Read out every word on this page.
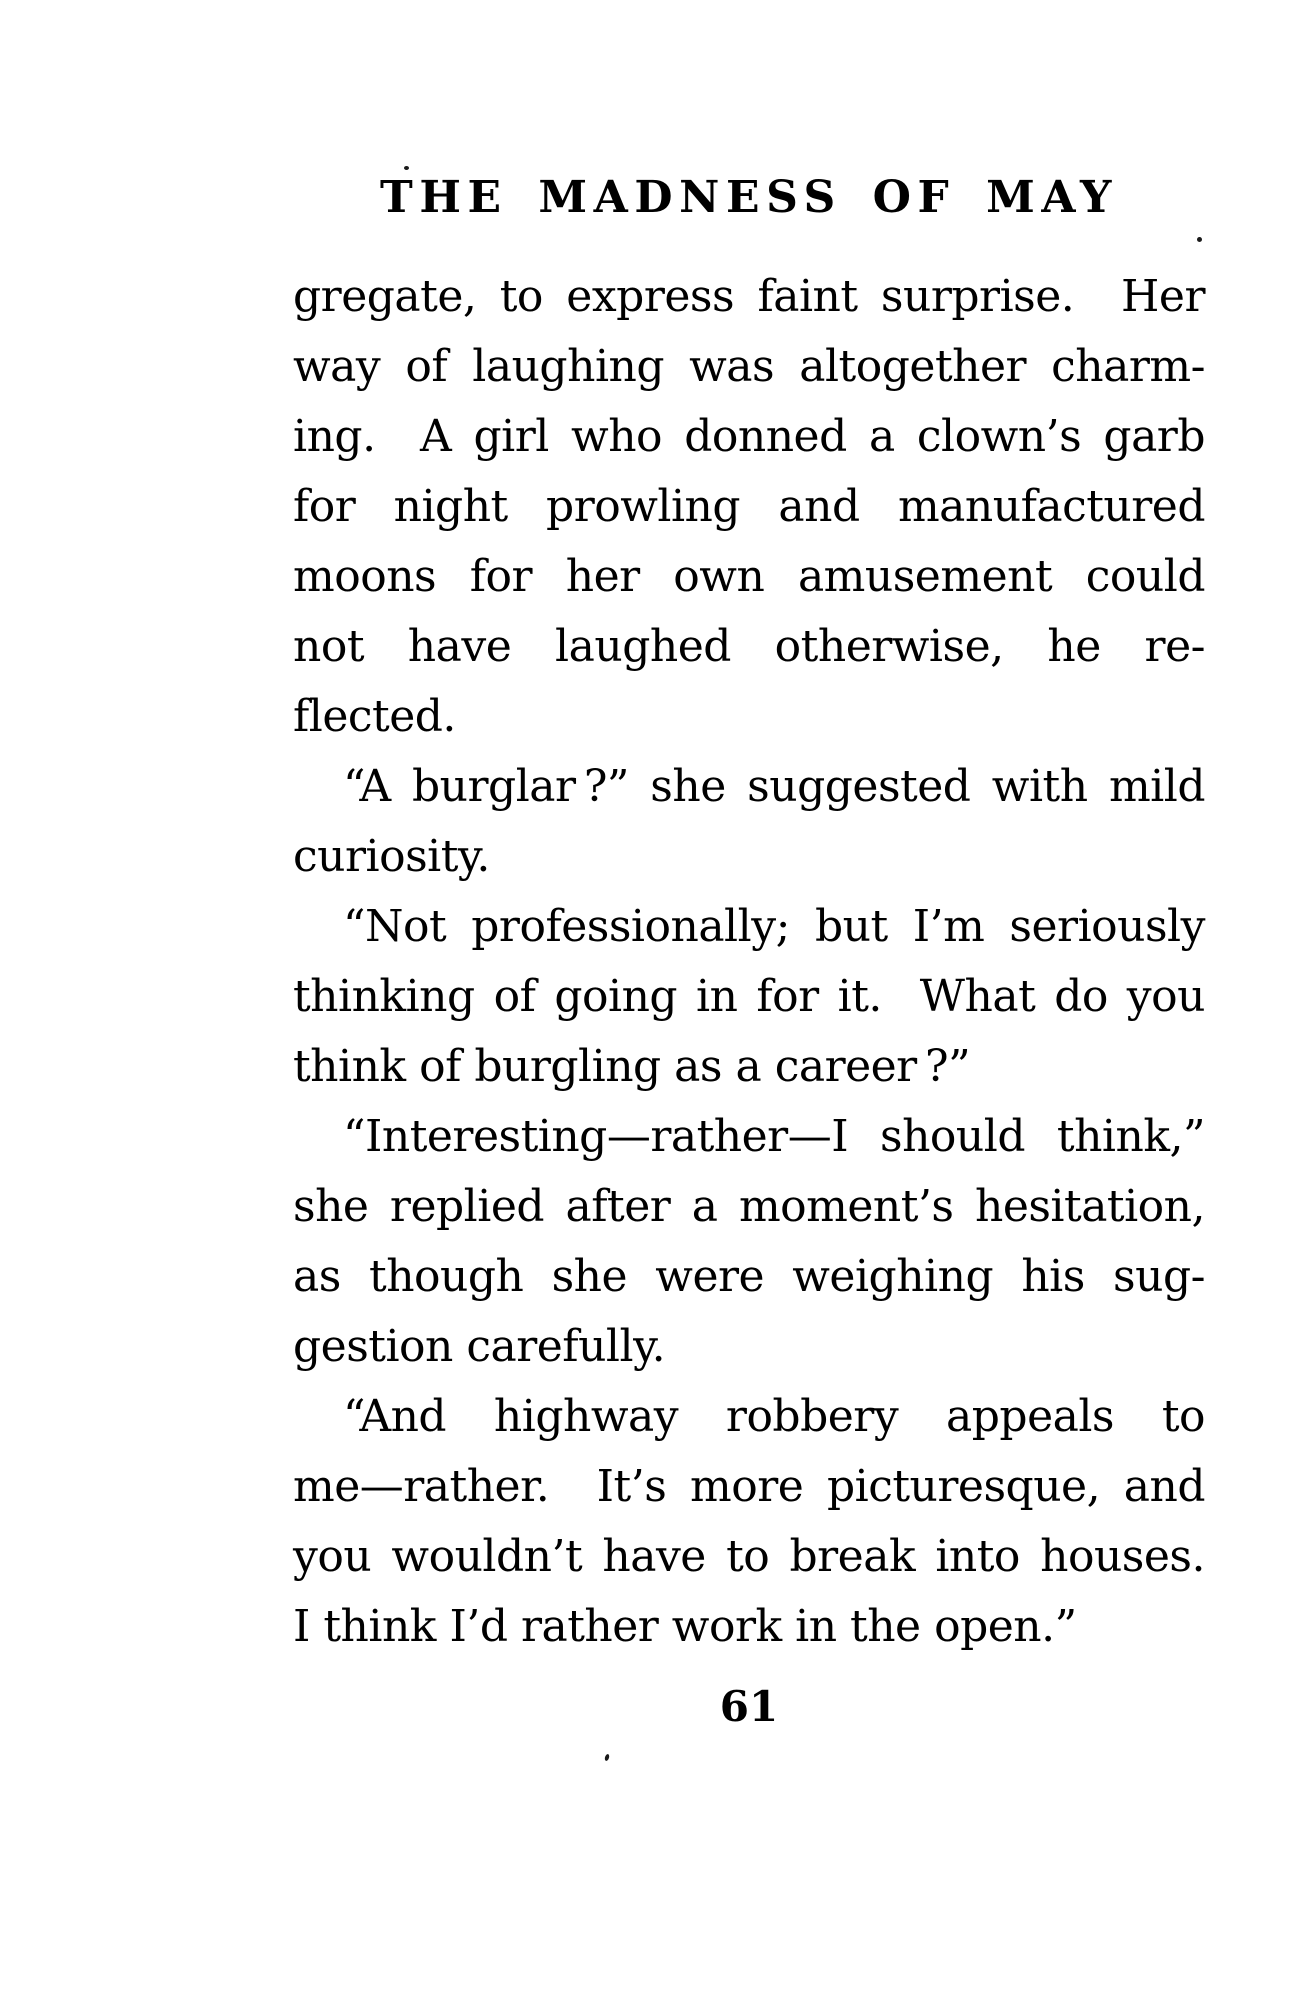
THE MADNESS OF MAY
gregate, to express faint surprise.  Her
way of laughing was altogether charm-
ing.  A girl who donned a clown’s garb
for night prowling and manufactured
moons for her own amusement could
not have laughed otherwise, he re-
flected.
“A burglar ?” she suggested with mild
curiosity.
“Not professionally; but I’m seriously
thinking of going in for it.  What do you
think of burgling as a career ?”
“Interesting—rather—I should think,”
she replied after a moment’s hesitation,
as though she were weighing his sug-
gestion carefully.
“And highway robbery appeals to
me—rather.  It’s more picturesque, and
you wouldn’t have to break into houses.
I think I’d rather work in the open.”
61
